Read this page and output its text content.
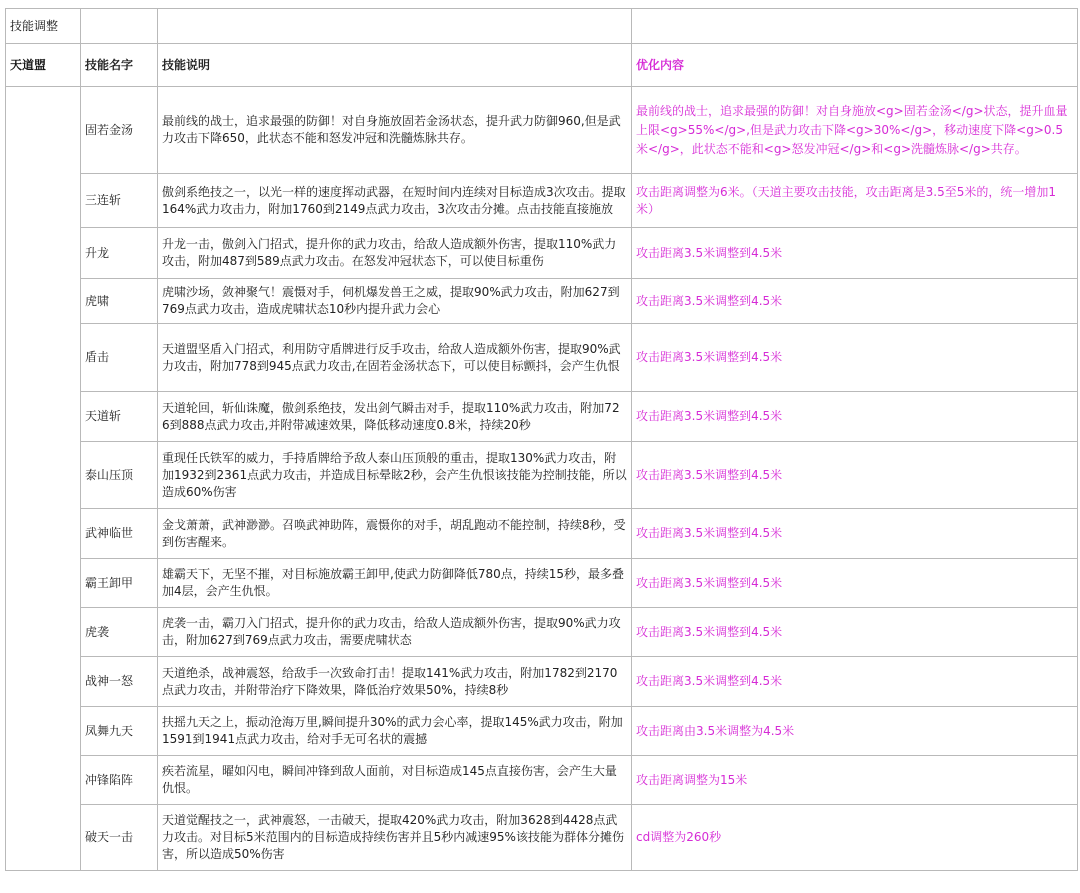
技能调整			
天道盟	技能名字	技能说明	优化内容
	固若金汤	最前线的战士，追求最强的防御！对自身施放固若金汤状态，提升武力防御960,但是武力攻击下降650，此状态不能和怒发冲冠和洗髓炼脉共存。	最前线的战士，追求最强的防御！对自身施放<g>固若金汤</g>状态，提升血量上限<g>55%</g>,但是武力攻击下降<g>30%</g>，移动速度下降<g>0.5米</g>，此状态不能和<g>怒发冲冠</g>和<g>洗髓炼脉</g>共存。
	三连斩	傲剑系绝技之一，以光一样的速度挥动武器，在短时间内连续对目标造成3次攻击。提取164%武力攻击力，附加1760到2149点武力攻击，3次攻击分摊。点击技能直接施放	攻击距离调整为6米。（天道主要攻击技能，攻击距离是3.5至5米的，统一增加1米）
	升龙	升龙一击，傲剑入门招式，提升你的武力攻击，给敌人造成额外伤害，提取110%武力攻击，附加487到589点武力攻击。在怒发冲冠状态下，可以使目标重伤	攻击距离3.5米调整到4.5米
	虎啸	虎啸沙场，敛神聚气！震慑对手，伺机爆发兽王之威，提取90%武力攻击，附加627到769点武力攻击，造成虎啸状态10秒内提升武力会心	攻击距离3.5米调整到4.5米
	盾击	天道盟坚盾入门招式，利用防守盾牌进行反手攻击，给敌人造成额外伤害，提取90%武力攻击，附加778到945点武力攻击,在固若金汤状态下，可以使目标颤抖，会产生仇恨	攻击距离3.5米调整到4.5米
	天道斩	天道轮回，斩仙诛魔，傲剑系绝技，发出剑气瞬击对手，提取110%武力攻击，附加726到888点武力攻击,并附带减速效果，降低移动速度0.8米，持续20秒	攻击距离3.5米调整到4.5米
	泰山压顶	重现任氏铁军的威力，手持盾牌给予敌人泰山压顶般的重击，提取130%武力攻击，附加1932到2361点武力攻击，并造成目标晕眩2秒，会产生仇恨该技能为控制技能，所以造成60%伤害	攻击距离3.5米调整到4.5米
	武神临世	金戈萧萧，武神渺渺。召唤武神助阵，震慑你的对手，胡乱跑动不能控制，持续8秒，受到伤害醒来。	攻击距离3.5米调整到4.5米
	霸王卸甲	雄霸天下，无坚不摧，对目标施放霸王卸甲,使武力防御降低780点，持续15秒，最多叠加4层，会产生仇恨。	攻击距离3.5米调整到4.5米
	虎袭	虎袭一击，霸刀入门招式，提升你的武力攻击，给敌人造成额外伤害，提取90%武力攻击，附加627到769点武力攻击，需要虎啸状态	攻击距离3.5米调整到4.5米
	战神一怒	天道绝杀，战神震怒，给敌手一次致命打击！提取141%武力攻击，附加1782到2170点武力攻击，并附带治疗下降效果，降低治疗效果50%，持续8秒	攻击距离3.5米调整到4.5米
	凤舞九天	扶摇九天之上，振动沧海万里,瞬间提升30%的武力会心率，提取145%武力攻击，附加1591到1941点武力攻击，给对手无可名状的震撼	攻击距离由3.5米调整为4.5米
	冲锋陷阵	疾若流星，曜如闪电，瞬间冲锋到敌人面前，对目标造成145点直接伤害，会产生大量仇恨。	攻击距离调整为15米
	破天一击	天道觉醒技之一，武神震怒，一击破天，提取420%武力攻击，附加3628到4428点武力攻击。对目标5米范围内的目标造成持续伤害并且5秒内减速95%该技能为群体分摊伤害，所以造成50%伤害	cd调整为260秒
